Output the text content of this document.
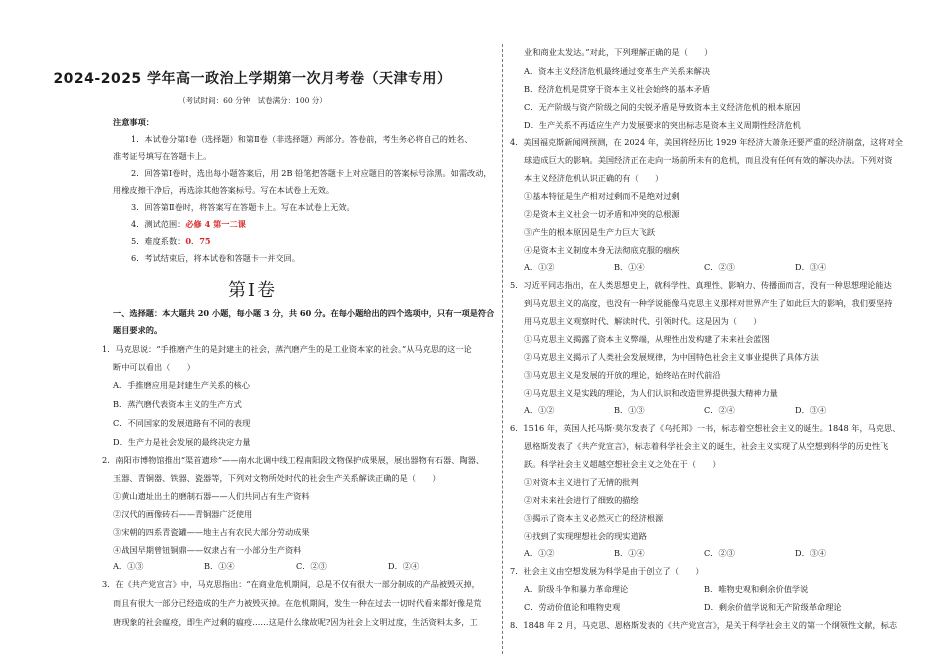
2024-2025 学年高一政治上学期第一次月考卷（天津专用）
（考试时间：60 分钟　试卷满分：100 分）
注意事项：
1．本试卷分第Ⅰ卷（选择题）和第Ⅱ卷（非选择题）两部分。答卷前，考生务必将自己的姓名、
准考证号填写在答题卡上。
2．回答第Ⅰ卷时，选出每小题答案后，用 2B 铅笔把答题卡上对应题目的答案标号涂黑。如需改动，
用橡皮擦干净后，再选涂其他答案标号。写在本试卷上无效。
3．回答第Ⅱ卷时，将答案写在答题卡上。写在本试卷上无效。
4．测试范围：必修 4 第一二课
5．难度系数：0．75
6．考试结束后，将本试卷和答题卡一并交回。
第Ⅰ卷
一、选择题：本大题共 20 小题，每小题 3 分，共 60 分。在每小题给出的四个选项中，只有一项是符合
题目要求的。
1．马克思说：“手推磨产生的是封建主的社会，蒸汽磨产生的是工业资本家的社会。”从马克思的这一论
断中可以看出（　　）
A．手推磨应用是封建生产关系的核心
B．蒸汽磨代表资本主义的生产方式
C．不同国家的发展道路有不同的表现
D．生产力是社会发展的最终决定力量
2．南阳市博物馆推出“渠首遗珍”——南水北调中线工程南阳段文物保护成果展，展出器物有石器、陶器、
玉器、青铜器、铁器、瓷器等，下列对文物所处时代的社会生产关系解读正确的是（　　）
①黄山遗址出土的磨制石器——人们共同占有生产资料
②汉代的画像砖石——青铜器广泛使用
③宋朝的四系青瓷罐——地主占有农民大部分劳动成果
④战国早期曾钮铜鼎——奴隶占有一小部分生产资料
A．①③	B．①④	C．②③	D．②④
3．在《共产党宣言》中，马克思指出：“在商业危机期间，总是不仅有很大一部分制成的产品被毁灭掉，
而且有很大一部分已经造成的生产力被毁灭掉。在危机期间，发生一种在过去一切时代看来都好像是荒
唐现象的社会瘟疫，即生产过剩的瘟疫……这是什么缘故呢?因为社会上文明过度，生活资料太多，工
业和商业太发达。”对此，下列理解正确的是（　　）
A．资本主义经济危机最终通过变革生产关系来解决
B．经济危机是贯穿于资本主义社会始终的基本矛盾
C．无产阶级与资产阶级之间的尖锐矛盾是导致资本主义经济危机的根本原因
D．生产关系不再适应生产力发展要求的突出标志是资本主义周期性经济危机
4．美国福克斯新闻网预测，在 2024 年，美国将经历比 1929 年经济大萧条还要严重的经济崩盘，这将对全
球造成巨大的影响。美国经济正在走向一场前所未有的危机，而且没有任何有效的解决办法。下列对资
本主义经济危机认识正确的有（　　）
①基本特征是生产相对过剩而不是绝对过剩
②是资本主义社会一切矛盾和冲突的总根源
③产生的根本原因是生产力巨大飞跃
④是资本主义制度本身无法彻底克服的痼疾
A．①②	B．①④	C．②③	D．③④
5．习近平同志指出，在人类思想史上，就科学性、真理性、影响力、传播面而言，没有一种思想理论能达
到马克思主义的高度，也没有一种学说能像马克思主义那样对世界产生了如此巨大的影响，我们要坚持
用马克思主义观察时代、解读时代、引领时代。这是因为（　　）
①马克思主义揭露了资本主义弊端，从理性出发构建了未来社会蓝图
②马克思主义揭示了人类社会发展规律，为中国特色社会主义事业提供了具体方法
③马克思主义是发展的开放的理论，始终站在时代前沿
④马克思主义是实践的理论，为人们认识和改造世界提供强大精神力量
A．①②	B．①③	C．②④	D．③④
6．1516 年，英国人托马斯·莫尔发表了《乌托邦》一书，标志着空想社会主义的诞生。1848 年，马克思、
恩格斯发表了《共产党宣言》，标志着科学社会主义的诞生，社会主义实现了从空想到科学的历史性飞
跃。科学社会主义超越空想社会主义之处在于（　　）
①对资本主义进行了无情的批判
②对未来社会进行了细致的描绘
③揭示了资本主义必然灭亡的经济根源
④找到了实现理想社会的现实道路
A．①②	B．①④	C．②③	D．③④
7．社会主义由空想发展为科学是由于创立了（　　）
A．阶级斗争和暴力革命理论	B．唯物史观和剩余价值学说
C．劳动价值论和唯物史观	D．剩余价值学说和无产阶级革命理论
8．1848 年 2 月，马克思、恩格斯发表的《共产党宣言》，是关于科学社会主义的第一个纲领性文献，标志
